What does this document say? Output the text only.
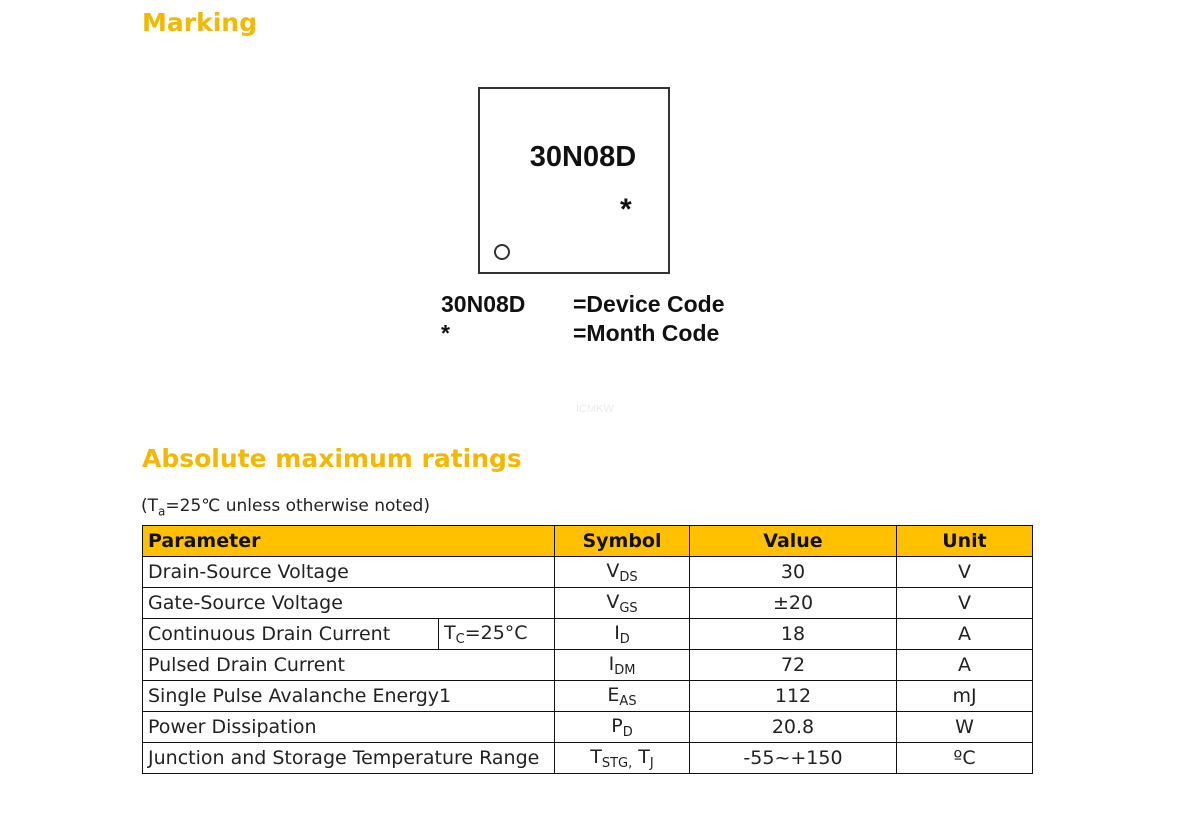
Marking
30N08D
*
30N08D =Device Code
*	=Month Code
ICMKW
Absolute maximum ratings
($T_a=25℃$ unless otherwise noted)
Parameter		Symbol	Value	Unit
Drain-Source Voltage		$V_{DS}$	30	V
Gate-Source Voltage		$V_{GS}$	±20	V
Continuous Drain Current	$T_C=25^\circ C$	$I_D$	18	A
Pulsed Drain Current		$I_{DM}$	72	A
Single Pulse Avalanche Energy1		$E_{AS}$	112	mJ
Power Dissipation		$P_D$	20.8	W
Junction and Storage Temperature Range		$T_{STG,}$ $T_J$	-55~+150	ºC
